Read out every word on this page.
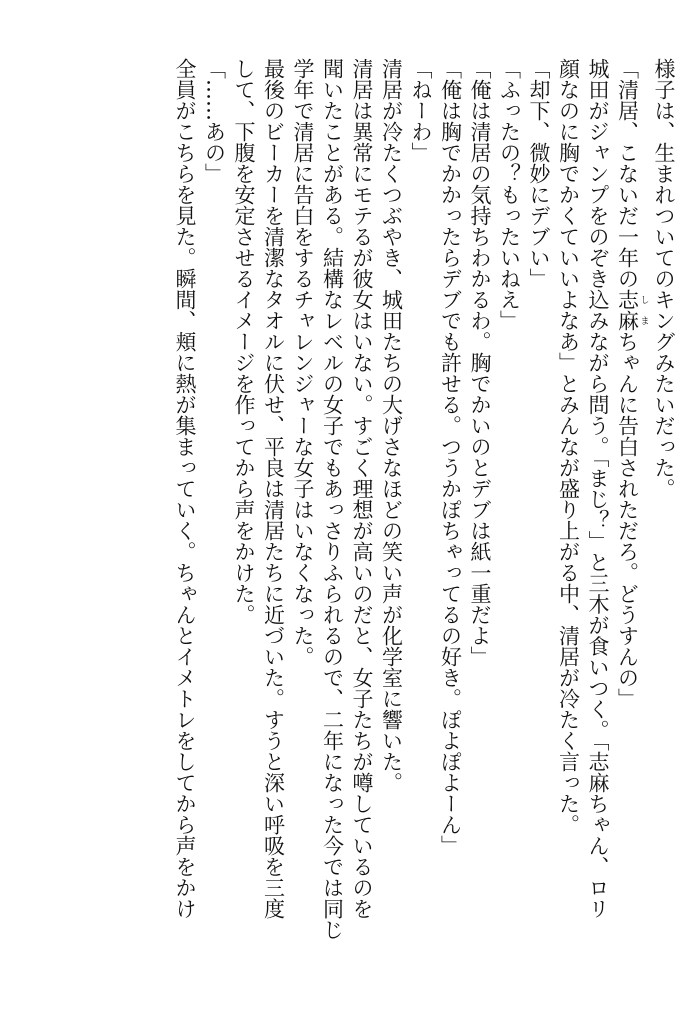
様子は、生まれついてのキングみたいだった。
「清居、こないだ一年の志麻 しまちゃんに告白されただろ。どうすんの」
城田がジャンプをのぞき込みながら問う。「まじ？」と三木が食いつく。「志麻ちゃん、ロリ
顔なのに胸でかくていいよなあ」とみんなが盛り上がる中、清居が冷たく言った。
「却下、微妙にデブい」
「ふったの？もったいねえ」
「俺は清居の気持ちわかるわ。胸でかいのとデブは紙一重だよ」
「俺は胸でかかったらデブでも許せる。つうかぽちゃってるの好き。ぽよぽよーん」
「ねーわ」
清居が冷たくつぶやき、城田たちの大げさなほどの笑い声が化学室に響いた。
清居は異常にモテるが彼女はいない。すごく理想が高いのだと、女子たちが噂しているのを
聞いたことがある。結構なレベルの女子でもあっさりふられるので、二年になった今では同じ
学年で清居に告白をするチャレンジャーな女子はいなくなった。
最後のビーカーを清潔なタオルに伏せ、平良は清居たちに近づいた。すうと深い呼吸を三度
して、下腹を安定させるイメージを作ってから声をかけた。
「……あの」
全員がこちらを見た。瞬間、頬に熱が集まっていく。ちゃんとイメトレをしてから声をかけ
